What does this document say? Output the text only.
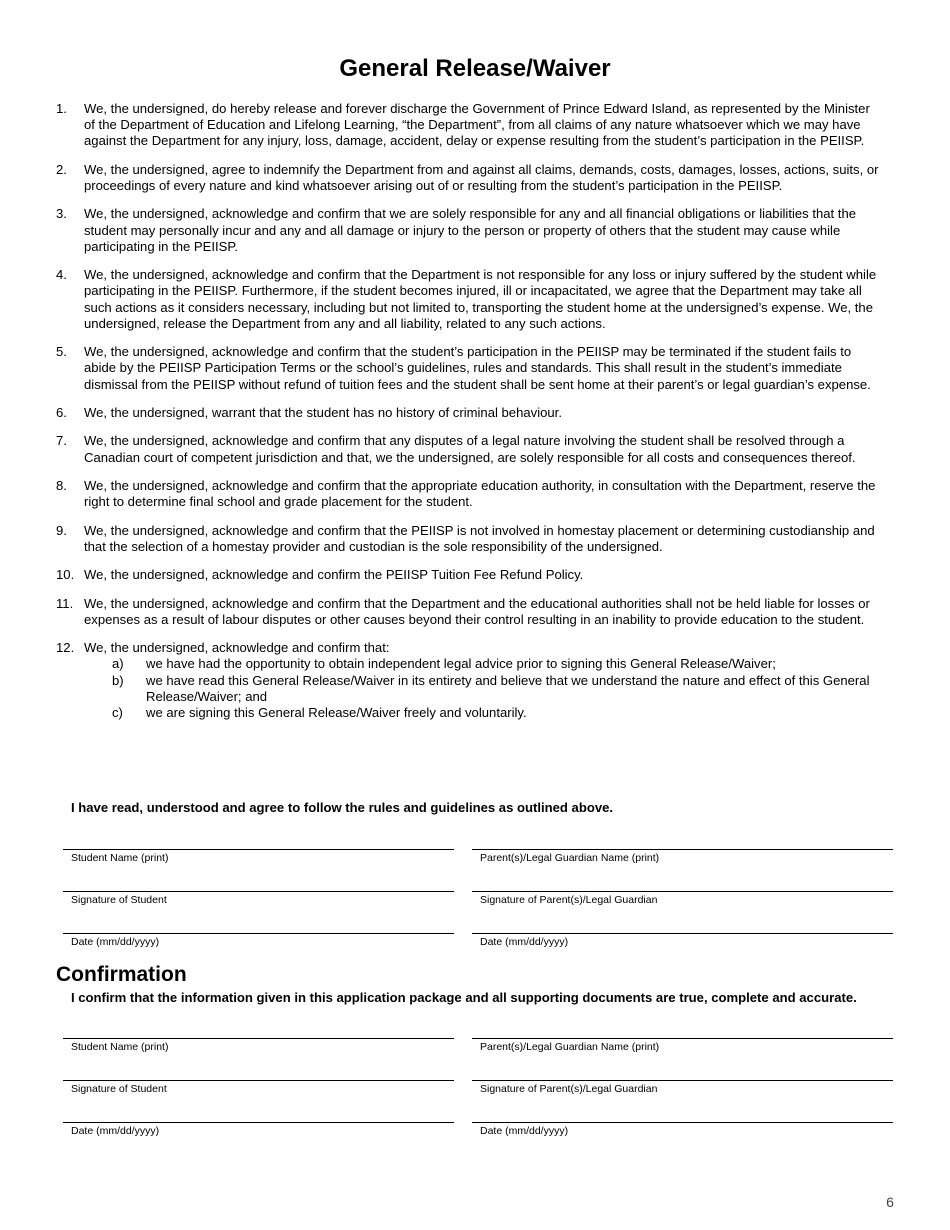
General Release/Waiver
1. We, the undersigned, do hereby release and forever discharge the Government of Prince Edward Island, as represented by the Minister of the Department of Education and Lifelong Learning, “the Department”, from all claims of any nature whatsoever which we may have against the Department for any injury, loss, damage, accident, delay or expense resulting from the student’s participation in the PEIISP.
2. We, the undersigned, agree to indemnify the Department from and against all claims, demands, costs, damages, losses, actions, suits, or proceedings of every nature and kind whatsoever arising out of or resulting from the student’s participation in the PEIISP.
3. We, the undersigned, acknowledge and confirm that we are solely responsible for any and all financial obligations or liabilities that the student may personally incur and any and all damage or injury to the person or property of others that the student may cause while participating in the PEIISP.
4. We, the undersigned, acknowledge and confirm that the Department is not responsible for any loss or injury suffered by the student while participating in the PEIISP. Furthermore, if the student becomes injured, ill or incapacitated, we agree that the Department may take all such actions as it considers necessary, including but not limited to, transporting the student home at the undersigned’s expense. We, the undersigned, release the Department from any and all liability, related to any such actions.
5. We, the undersigned, acknowledge and confirm that the student’s participation in the PEIISP may be terminated if the student fails to abide by the PEIISP Participation Terms or the school’s guidelines, rules and standards. This shall result in the student’s immediate dismissal from the PEIISP without refund of tuition fees and the student shall be sent home at their parent’s or legal guardian’s expense.
6. We, the undersigned, warrant that the student has no history of criminal behaviour.
7. We, the undersigned, acknowledge and confirm that any disputes of a legal nature involving the student shall be resolved through a Canadian court of competent jurisdiction and that, we the undersigned, are solely responsible for all costs and consequences thereof.
8. We, the undersigned, acknowledge and confirm that the appropriate education authority, in consultation with the Department, reserve the right to determine final school and grade placement for the student.
9. We, the undersigned, acknowledge and confirm that the PEIISP is not involved in homestay placement or determining custodianship and that the selection of a homestay provider and custodian is the sole responsibility of the undersigned.
10. We, the undersigned, acknowledge and confirm the PEIISP Tuition Fee Refund Policy.
11. We, the undersigned, acknowledge and confirm that the Department and the educational authorities shall not be held liable for losses or expenses as a result of labour disputes or other causes beyond their control resulting in an inability to provide education to the student.
12. We, the undersigned, acknowledge and confirm that:
a) we have had the opportunity to obtain independent legal advice prior to signing this General Release/Waiver;
b) we have read this General Release/Waiver in its entirety and believe that we understand the nature and effect of this General Release/Waiver; and
c) we are signing this General Release/Waiver freely and voluntarily.

I have read, understood and agree to follow the rules and guidelines as outlined above.

Student Name (print)	Parent(s)/Legal Guardian Name (print)
Signature of Student	Signature of Parent(s)/Legal Guardian
Date (mm/dd/yyyy)	Date (mm/dd/yyyy)
Confirmation

I confirm that the information given in this application package and all supporting documents are true, complete and accurate.

Student Name (print)	Parent(s)/Legal Guardian Name (print)
Signature of Student	Signature of Parent(s)/Legal Guardian
Date (mm/dd/yyyy)	Date (mm/dd/yyyy)
6
